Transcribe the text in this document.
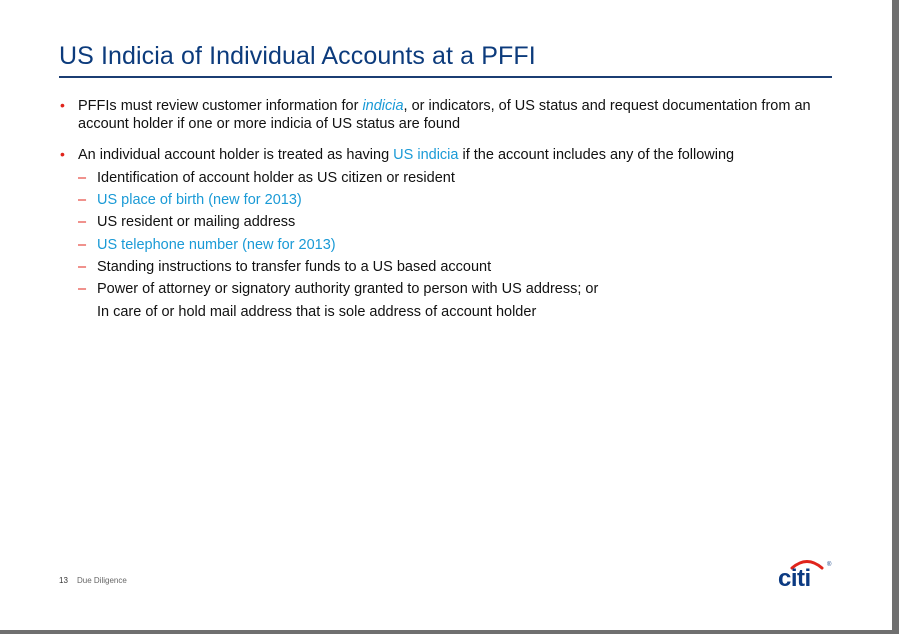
US Indicia of Individual Accounts at a PFFI
• PFFIs must review customer information for indicia, or indicators, of US status and request documentation from an account holder if one or more indicia of US status are found
• An individual account holder is treated as having US indicia if the account includes any of the following
– Identification of account holder as US citizen or resident
– US place of birth (new for 2013)
– US resident or mailing address
– US telephone number (new for 2013)
– Standing instructions to transfer funds to a US based account
– Power of attorney or signatory authority granted to person with US address; or
In care of or hold mail address that is sole address of account holder
13 Due Diligence	citi	®
